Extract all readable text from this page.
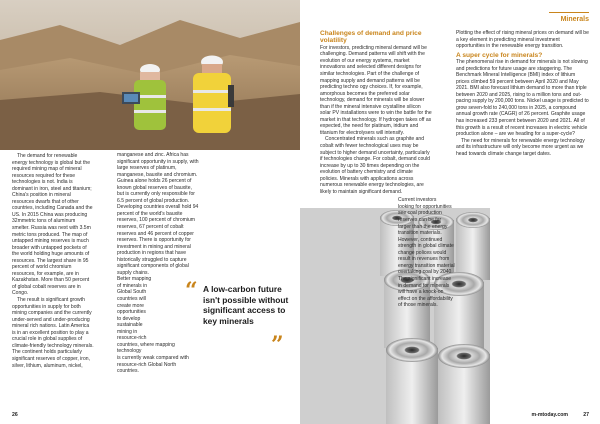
The demand for renewable energy technology is global but the required mining map of mineral resources required for these technologies is not. India is dominant in iron, steel and titanium; China's position in mineral resources dwarfs that of other countries, including Canada and the US. In 2015 China was producing 32mmetric tons of aluminum smelter. Russia was next with 3.5m metric tons produced. The map of untapped mining reserves is much broader with untapped pockets of the world holding huge amounts of resources. The largest share in 95 percent of world chromium resources, for example, are in Kazakhstan. More than 50 percent of global cobalt reserves are in Congo.

The result is significant growth opportunities in supply for both mining companies and the currently under-served and under-producing mineral rich nations. Latin America is in an excellent position to play a crucial role in global supplies of climate-friendly technology minerals. The continent holds particularly significant reserves of copper, iron, silver, lithium, aluminum, nickel,

manganese and zinc. Africa has significant opportunity in supply, with large reserves of platinum, manganese, bauxite and chromium. Guinea alone holds 26 percent of known global reserves of bauxite, but is currently only responsible for 6.5 percent of global production. Developing countries overall hold 94 percent of the world's bauxite reserves, 100 percent of chromium reserves, 67 percent of cobalt reserves and 46 percent of copper reserves. There is opportunity for investment in mining and mineral production in regions that have historically struggled to capture significant components of global supply chains.

Better mapping
of minerals in
Global South
countries will
create more
opportunities
to develop
sustainable
mining in
resource-rich
countries, where mapping technology
is currently weak compared with
resource-rich Global North countries.
“ A low-carbon future isn't possible without significant access to key minerals
”
26
Minerals
Challenges of demand and price volatility

For investors, predicting mineral demand will be challenging. Demand patterns will shift with the evolution of our energy systems, market innovations and selected different designs for similar technologies. Part of the challenge of mapping supply and demand patterns will be predicting techno ogy choices. If, for example, amorphous becomes the preferred solar technology, demand for minerals will be slower than if the mineral intensive crystalline silicon solar PV installations were to win the battle for the market in that technology. If hydrogen takes off as expected, the need for platinum, iridium and titanium for electrolysers will intensify.

Concentrated minerals such as graphite and cobalt with fewer technological uses may be subject to higher demand uncertainty, particularly if technologies change. For cobalt, demand could increase by up to 30 times depending on the evolution of battery chemistry and climate policies. Minerals with applications across numerous renewable energy technologies, are likely to maintain significant demand.

Current investors
looking for opportunities
see coal production
reserves can be far
larger than the energy
transition materials.
However, continued
strength in global climate
change polices would
result in revenues from
energy transition material
overtaking coal by 2040.
The significant increase
in demand for minerals
will have a knock-on
effect on the affordability
of those minerals.

Plotting the effect of rising mineral prices on demand will be a key element in predicting mineral investment opportunities in the renewable energy transition.

A super cycle for minerals?

The phenomenal rise in demand for minerals is not slowing and predictions for future usage are staggering. The Benchmark Mineral Intelligence (BMI) index of lithium prices climbed 59 percent between April 2020 and May 2021. BMI also forecast lithium demand to more than triple between 2020 and 2025, rising to a million tons and out-pacing supply by 200,000 tons. Nickel usage is predicted to grow seven-fold to 240,000 tons in 2025, a compound annual growth rate (CAGR) of 26 percent. Graphite usage has increased 233 percent between 2020 and 2021. All of this growth is a result of recent increases in electric vehicle production alone – are we heading for a super-cycle?

The need for minerals for renewable energy technology and its infrastructure will only become more urgent as we head towards climate change target dates.

m-mtoday.com	27
